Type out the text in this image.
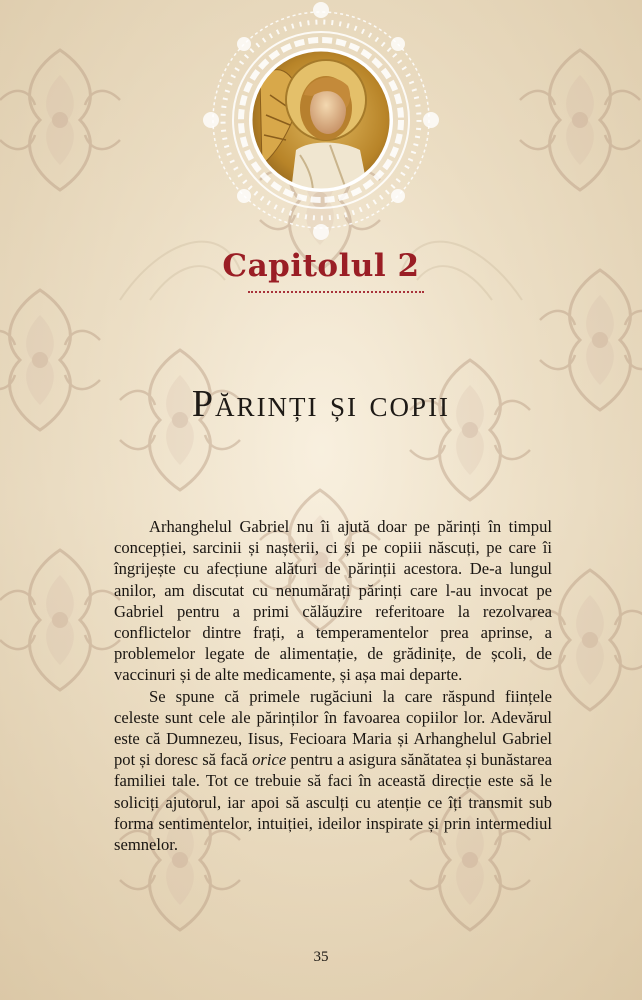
Capitolul 2
Părinți și copii

Arhanghelul Gabriel nu îi ajută doar pe părinți în timpul concepției, sarcinii și nașterii, ci și pe copiii născuți, pe care îi îngrijește cu afecțiune alături de părinții acestora. De-a lungul anilor, am discutat cu nenumărați părinți care l-au invocat pe Gabriel pentru a primi călăuzire referitoare la rezolvarea conflictelor dintre frați, a temperamentelor prea aprinse, a problemelor legate de alimentație, de grădinițe, de școli, de vaccinuri și de alte medicamente, și așa mai departe.

Se spune că primele rugăciuni la care răspund ființele celeste sunt cele ale părinților în favoarea copiilor lor. Adevărul este că Dumnezeu, Iisus, Fecioara Maria și Arhanghelul Gabriel pot și doresc să facă orice pentru a asigura sănătatea și bunăstarea familiei tale. Tot ce trebuie să faci în această direcție este să le soliciți ajutorul, iar apoi să asculți cu atenție ce îți transmit sub forma sentimentelor, intuiției, ideilor inspirate și prin intermediul semnelor.

35
